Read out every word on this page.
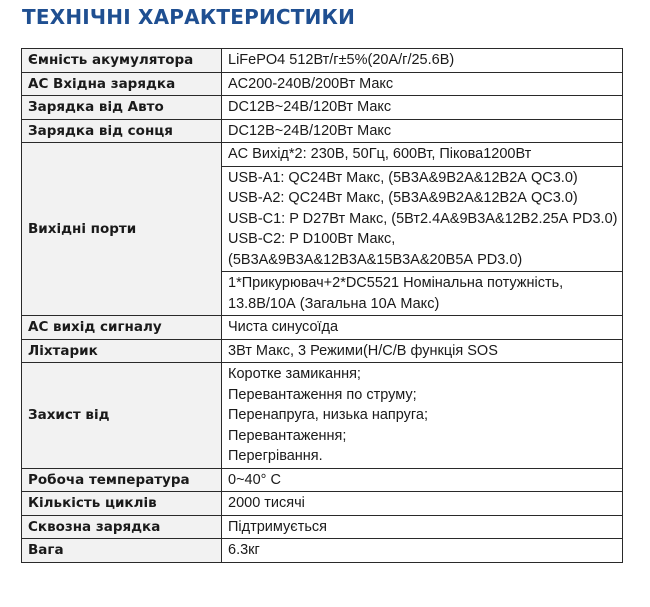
ТЕХНІЧНІ ХАРАКТЕРИСТИКИ
Ємність акумулятора	LiFePO4 512Вт/г±5%(20А/г/25.6В)
AC Вхідна зарядка	AC200-240В/200Вт Макс
Зарядка від Авто	DC12В~24В/120Вт Макс
Зарядка від сонця	DC12В~24В/120Вт Макс
Вихідні порти	AC Вихід*2: 230В, 50Гц, 600Вт, Пікова1200Вт

	USB-A1: QC24Вт Макс, (5В3А&9В2А&12В2А QC3.0)
USB-A2: QC24Вт Макс, (5В3А&9В2А&12В2А QC3.0)
USB-C1: P D27Вт Макс, (5Вт2.4А&9В3А&12В2.25А PD3.0)
USB-C2: P D100Вт Макс,
(5В3А&9В3А&12В3А&15В3А&20В5А PD3.0)

	1*Прикурювач+2*DC5521 Номінальна потужність, 13.8В/10А (Загальна 10А Макс)

AC вихід сигналу	Чиста синусоїда
Ліхтарик	3Вт Макс, 3 Режими(Н/С/В функція SOS
Захист від	Коротке замикання;
Перевантаження по струму;
Перенапруга, низька напруга;
Перевантаження;
Перегрівання.

Робоча температура	0~40° С
Кількість циклів	2000 тисячі
Сквозна зарядка	Підтримується
Вага	6.3кг
